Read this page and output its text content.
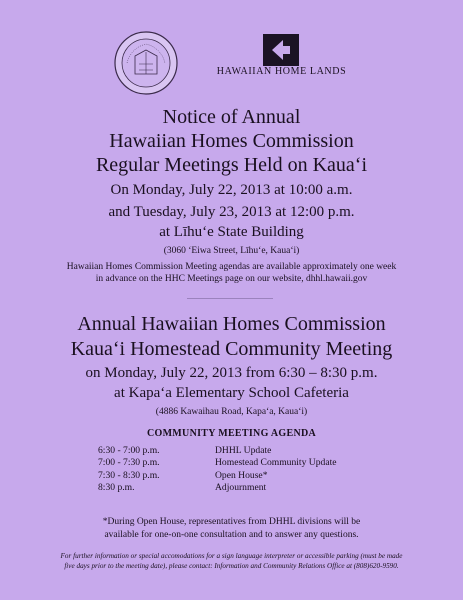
HAWAIIAN HOME LANDS
Notice of Annual
Hawaiian Homes Commission
Regular Meetings Held on Kaua‘i
On Monday, July 22, 2013 at 10:00 a.m.
and Tuesday, July 23, 2013 at 12:00 p.m.
at Līhu‘e State Building
(3060 ‘Eiwa Street, Līhu‘e, Kaua‘i)
Hawaiian Homes Commission Meeting agendas are available approximately one week
in advance on the HHC Meetings page on our website, dhhl.hawaii.gov
Annual Hawaiian Homes Commission
Kaua‘i Homestead Community Meeting
on Monday, July 22, 2013 from 6:30 – 8:30 p.m.
at Kapa‘a Elementary School Cafeteria
(4886 Kawaihau Road, Kapa‘a, Kaua‘i)
COMMUNITY MEETING AGENDA
6:30 - 7:00 p.m.	DHHL Update
7:00 - 7:30 p.m.	Homestead Community Update
7:30 - 8:30 p.m.	Open House*
8:30 p.m.	Adjournment
*During Open House, representatives from DHHL divisions will be
available for one-on-one consultation and to answer any questions.
For further information or special accomodations for a sign language interpreter or accessible parking (must be made
five days prior to the meeting date), please contact: Information and Community Relations Office at (808)620-9590.
